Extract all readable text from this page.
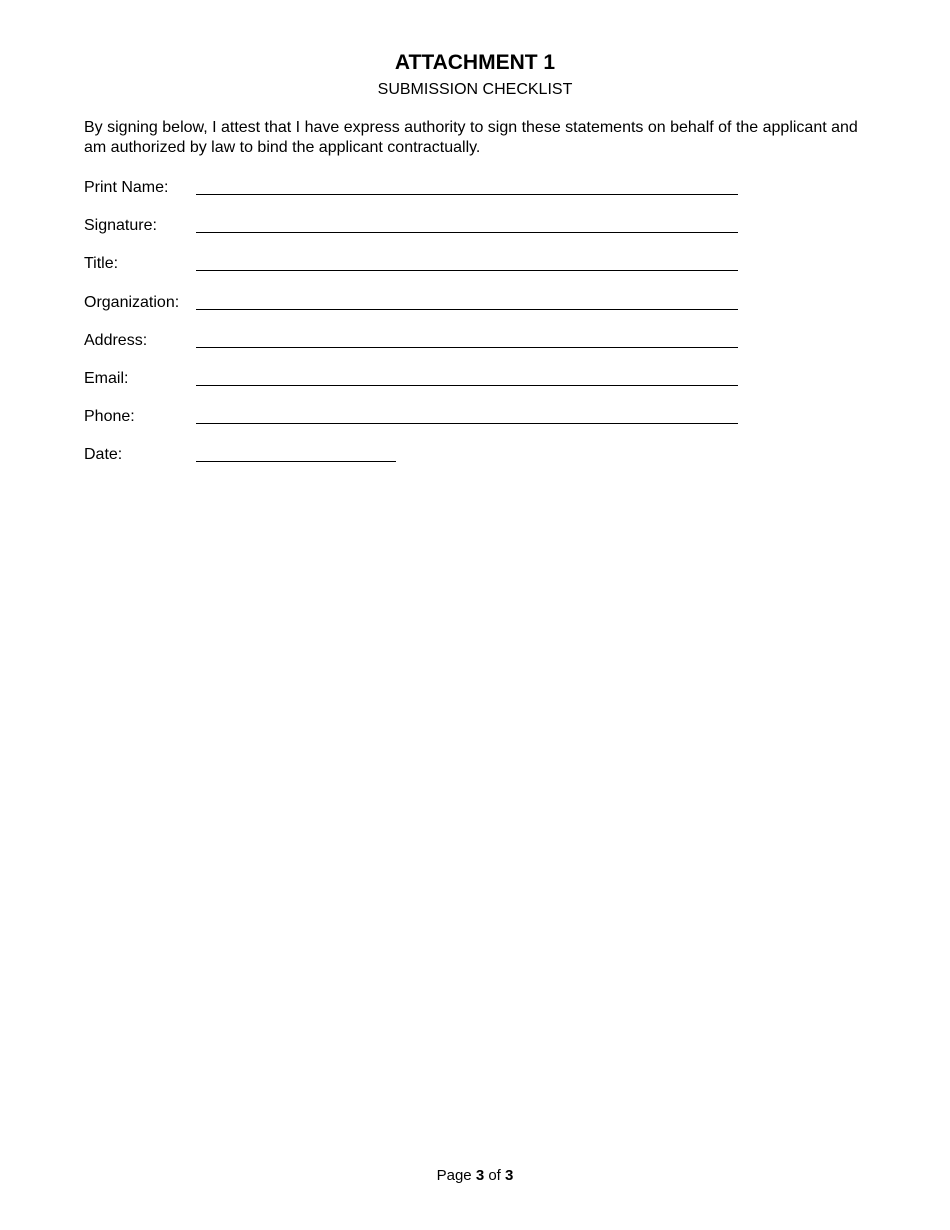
ATTACHMENT 1
SUBMISSION CHECKLIST
By signing below, I attest that I have express authority to sign these statements on behalf of the applicant and am authorized by law to bind the applicant contractually.
Print Name:
Signature:
Title:
Organization:
Address:
Email:
Phone:
Date:
Page 3 of 3
